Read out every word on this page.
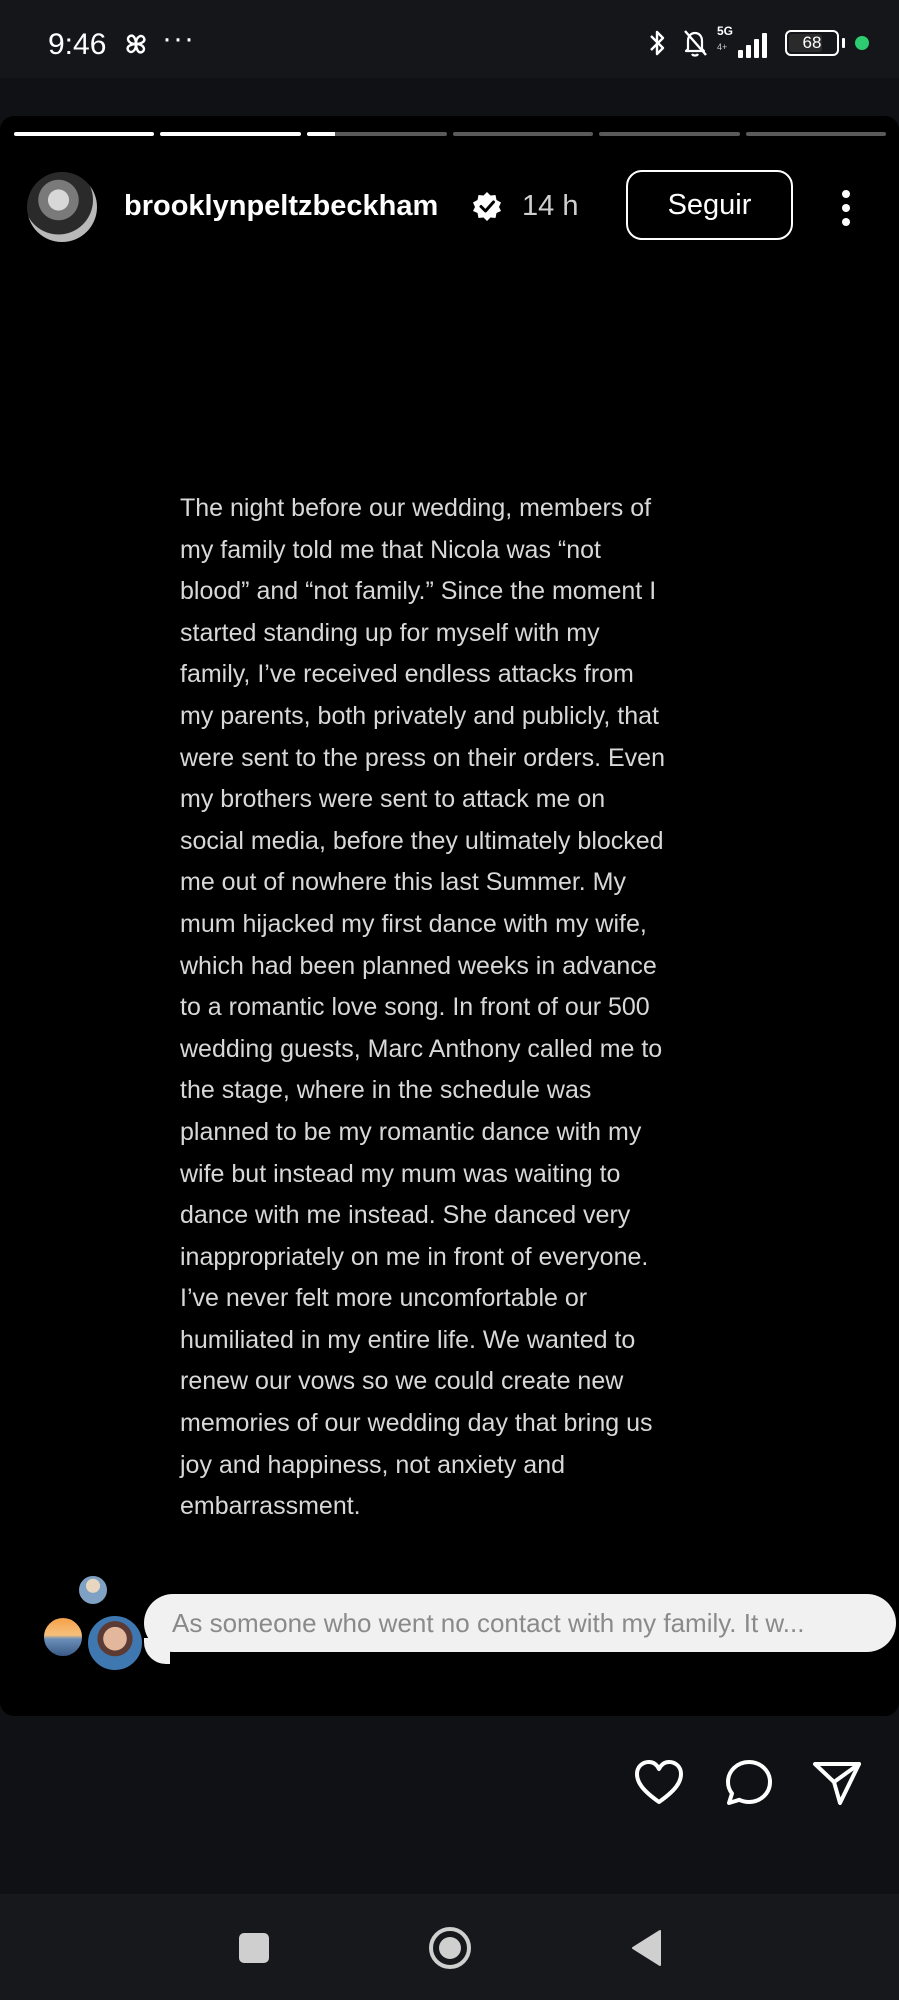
9:46 ···	5G
4+	68
brooklynpeltzbeckham	14 h	Seguir
The night before our wedding, members of
my family told me that Nicola was “not
blood” and “not family.” Since the moment I
started standing up for myself with my
family, I’ve received endless attacks from
my parents, both privately and publicly, that
were sent to the press on their orders. Even
my brothers were sent to attack me on
social media, before they ultimately blocked
me out of nowhere this last Summer. My
mum hijacked my first dance with my wife,
which had been planned weeks in advance
to a romantic love song. In front of our 500
wedding guests, Marc Anthony called me to
the stage, where in the schedule was
planned to be my romantic dance with my
wife but instead my mum was waiting to
dance with me instead. She danced very
inappropriately on me in front of everyone.
I’ve never felt more uncomfortable or
humiliated in my entire life. We wanted to
renew our vows so we could create new
memories of our wedding day that bring us
joy and happiness, not anxiety and
embarrassment.
As someone who went no contact with my family. It w...
